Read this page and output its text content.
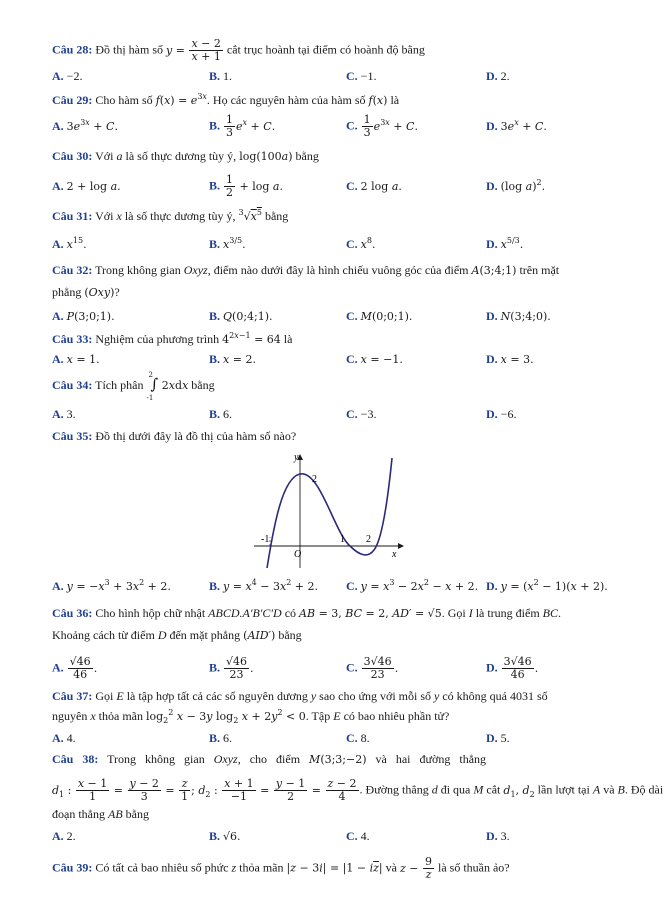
Câu 28: Đồ thị hàm số $y = \frac{x - 2}{x + 1}$ cắt trục hoành tại điểm có hoành độ bằng
A. −2.	B. 1.	C. −1.	D. 2.
Câu 29: Cho hàm số $f(x) = e^{3x}$. Họ các nguyên hàm của hàm số f(x) là
A. $3e^{3x} + C$.	B. $\frac{1}{3} e^x + C$.	C. $\frac{1}{3} e^{3x} + C$.	D. $3e^x + C$.
Câu 30: Với a là số thực dương tùy ý, log(100a) bằng
A. 2 + log a.	B. $\frac{1}{2} + \log a$.	C. 2 log a.	D. (log a)$^2$.
Câu 31: Với x là số thực dương tùy ý, $^3√x^5$ bằng
A. $x^{15}$.	B. $x^{3/5}$.	C. $x^8$.	D. $x^{5/3}$.
Câu 32: Trong không gian Oxyz, điểm nào dưới đây là hình chiếu vuông góc của điểm A(3;4;1) trên mặt
phẳng (Oxy)?
A. P(3;0;1).	B. Q(0;4;1).	C. M(0;0;1).	D. N(3;4;0).
Câu 33: Nghiệm của phương trình $4^{2x-1} = 64$ là
A. x = 1.	B. x = 2.	C. x = −1.	D. x = 3.
Câu 34: Tích phân
2
∫
-1
2xdx bằng
A. 3.	B. 6.	C. −3.	D. −6.
Câu 35: Đồ thị dưới đây là đồ thị của hàm số nào?
y
x
O
-1	1 2
2
A. $y = -x^3 + 3x^2 + 2$.	B. $y = x^4 - 3x^2 + 2$. C. $y = x^3 - 2x^2 - x + 2$. D. $y = (x^2 - 1)(x + 2)$.
Câu 36: Cho hình hộp chữ nhật ABCD.A′B′C′D có AB = 3, BC = 2, AD′ = √5. Gọi I là trung điểm BC.
Khoảng cách từ điểm D đến mặt phẳng (AID′) bằng
A. $\frac{√46}{46}$ .	B. $\frac{√46}{23}$ .	C. $\frac{3√46}{23}$ .	D. $\frac{3√46}{46}$ .
Câu 37: Gọi E là tập hợp tất cả các số nguyên dương y sao cho ứng với mỗi số y có không quá 4031 số
nguyên x thỏa mãn $\log_2^2 x - 3y$ $\log_2 x + 2y^2 < 0$. Tập E có bao nhiêu phần tử?
A. 4.	B. 6.	C. 8.	D. 5.
Câu 38: Trong không gian Oxyz, cho điểm M(3;3;−2) và hai đường thẳng
$d_1$ : $\frac{x - 1}{1} = \frac{y - 2}{3} = \frac{z}{1}$ ; $d_2$ : $\frac{x + 1}{-1} = \frac{y - 1}{2} = \frac{z - 2}{4}$ . Đường thẳng d đi qua M cắt $d_1$, $d_2$ lần lượt tại A và B. Độ dài
đoạn thẳng AB bằng
A. 2.	B. √6.	C. 4.	D. 3.
Câu 39: Có tất cả bao nhiêu số phức z thỏa mãn $|z - 3i| = |1 - i\overline{z}|$ và $z - \frac{9}{z}$ là số thuần ảo?
